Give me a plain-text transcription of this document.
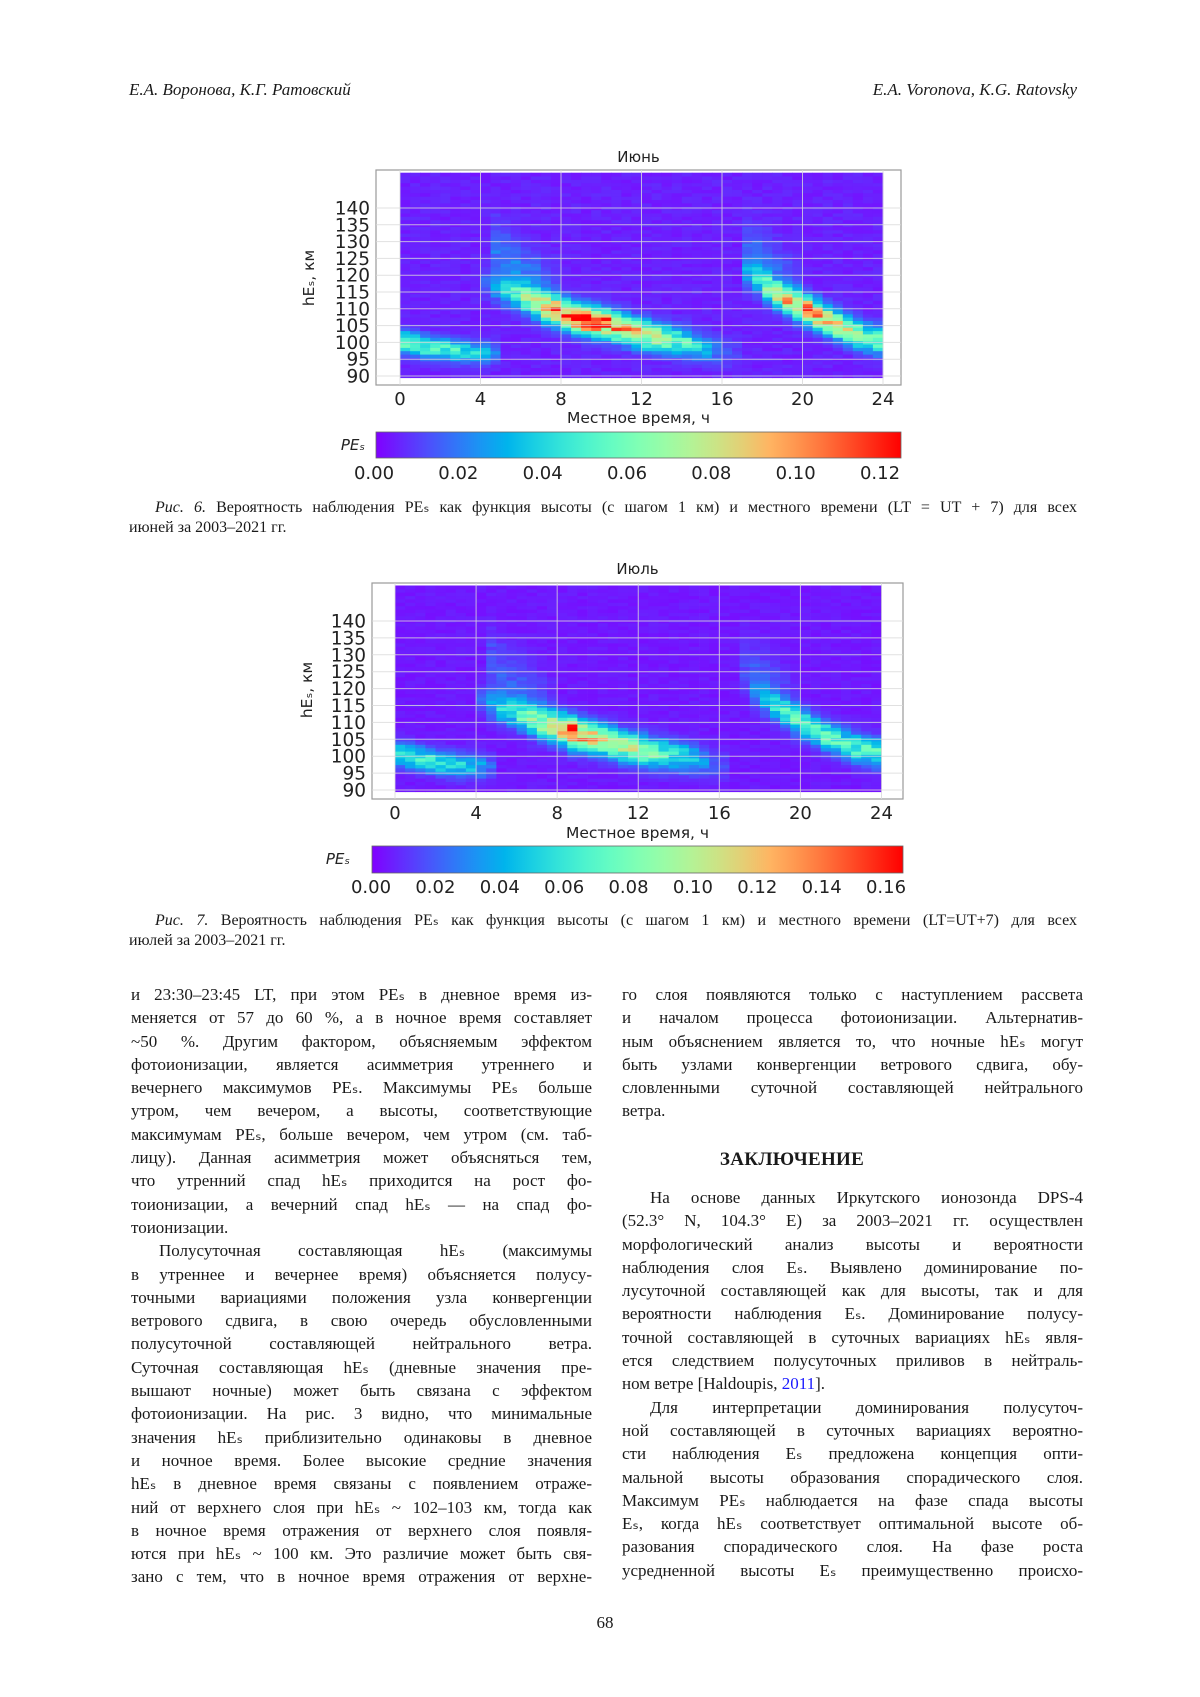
Е.А. Воронова, К.Г. Ратовский	E.A. Voronova, K.G. Ratovsky
0	4	8	12	16	20	24
90
95
100
105
110
115
120
125
130
135
140
Июнь
Местное время, ч
hEₛ, км
0.00 0.02 0.04 0.06 0.08 0.10 0.12
PEₛ
0	4	8	12	16	20	24
90
95
100
105
110
115
120
125
130
135
140
Июль
Местное время, ч
hEₛ, км
0.00 0.02 0.04 0.06 0.08 0.10 0.12 0.14 0.16
PEₛ
Рис. 6. Вероятность наблюдения PEₛ как функция высоты (с шагом 1 км) и местного времени (LT = UT + 7) для всех
июней за 2003–2021 гг.
Рис. 7. Вероятность наблюдения PEₛ как функция высоты (с шагом 1 км) и местного времени (LT=UT+7) для всех
июлей за 2003–2021 гг.
и 23:30–23:45 LT, при этом PEₛ в дневное время из-
меняется от 57 до 60 %, а в ночное время составляет
~50 %. Другим фактором, объясняемым эффектом
фотоионизации, является асимметрия утреннего и
вечернего максимумов PEₛ. Максимумы PEₛ больше
утром, чем вечером, а высоты, соответствующие
максимумам PEₛ, больше вечером, чем утром (см. таб-
лицу). Данная асимметрия может объясняться тем,
что утренний спад hEₛ приходится на рост фо-
тоионизации, а вечерний спад hEₛ — на спад фо-
тоионизации.
Полусуточная составляющая hEₛ (максимумы
в утреннее и вечернее время) объясняется полусу-
точными вариациями положения узла конвергенции
ветрового сдвига, в свою очередь обусловленными
полусуточной составляющей нейтрального ветра.
Суточная составляющая hEₛ (дневные значения пре-
вышают ночные) может быть связана с эффектом
фотоионизации. На рис. 3 видно, что минимальные
значения hEₛ приблизительно одинаковы в дневное
и ночное время. Более высокие средние значения
hEₛ в дневное время связаны с появлением отраже-
ний от верхнего слоя при hEₛ ~ 102–103 км, тогда как
в ночное время отражения от верхнего слоя появля-
ются при hEₛ ~ 100 км. Это различие может быть свя-
зано с тем, что в ночное время отражения от верхне-
го слоя появляются только с наступлением рассвета
и началом процесса фотоионизации. Альтернатив-
ным объяснением является то, что ночные hEₛ могут
быть узлами конвергенции ветрового сдвига, обу-
словленными суточной составляющей нейтрального
ветра.
ЗАКЛЮЧЕНИЕ
На основе данных Иркутского ионозонда DPS-4
(52.3° N, 104.3° E) за 2003–2021 гг. осуществлен
морфологический анализ высоты и вероятности
наблюдения слоя Eₛ. Выявлено доминирование по-
лусуточной составляющей как для высоты, так и для
вероятности наблюдения Eₛ. Доминирование полусу-
точной составляющей в суточных вариациях hEₛ явля-
ется следствием полусуточных приливов в нейтраль-
ном ветре [Haldoupis, 2011].
Для интерпретации доминирования полусуточ-
ной составляющей в суточных вариациях вероятно-
сти наблюдения Eₛ предложена концепция опти-
мальной высоты образования спорадического слоя.
Максимум PEₛ наблюдается на фазе спада высоты
Eₛ, когда hEₛ соответствует оптимальной высоте об-
разования спорадического слоя. На фазе роста
усредненной высоты Eₛ преимущественно происхо-
68
